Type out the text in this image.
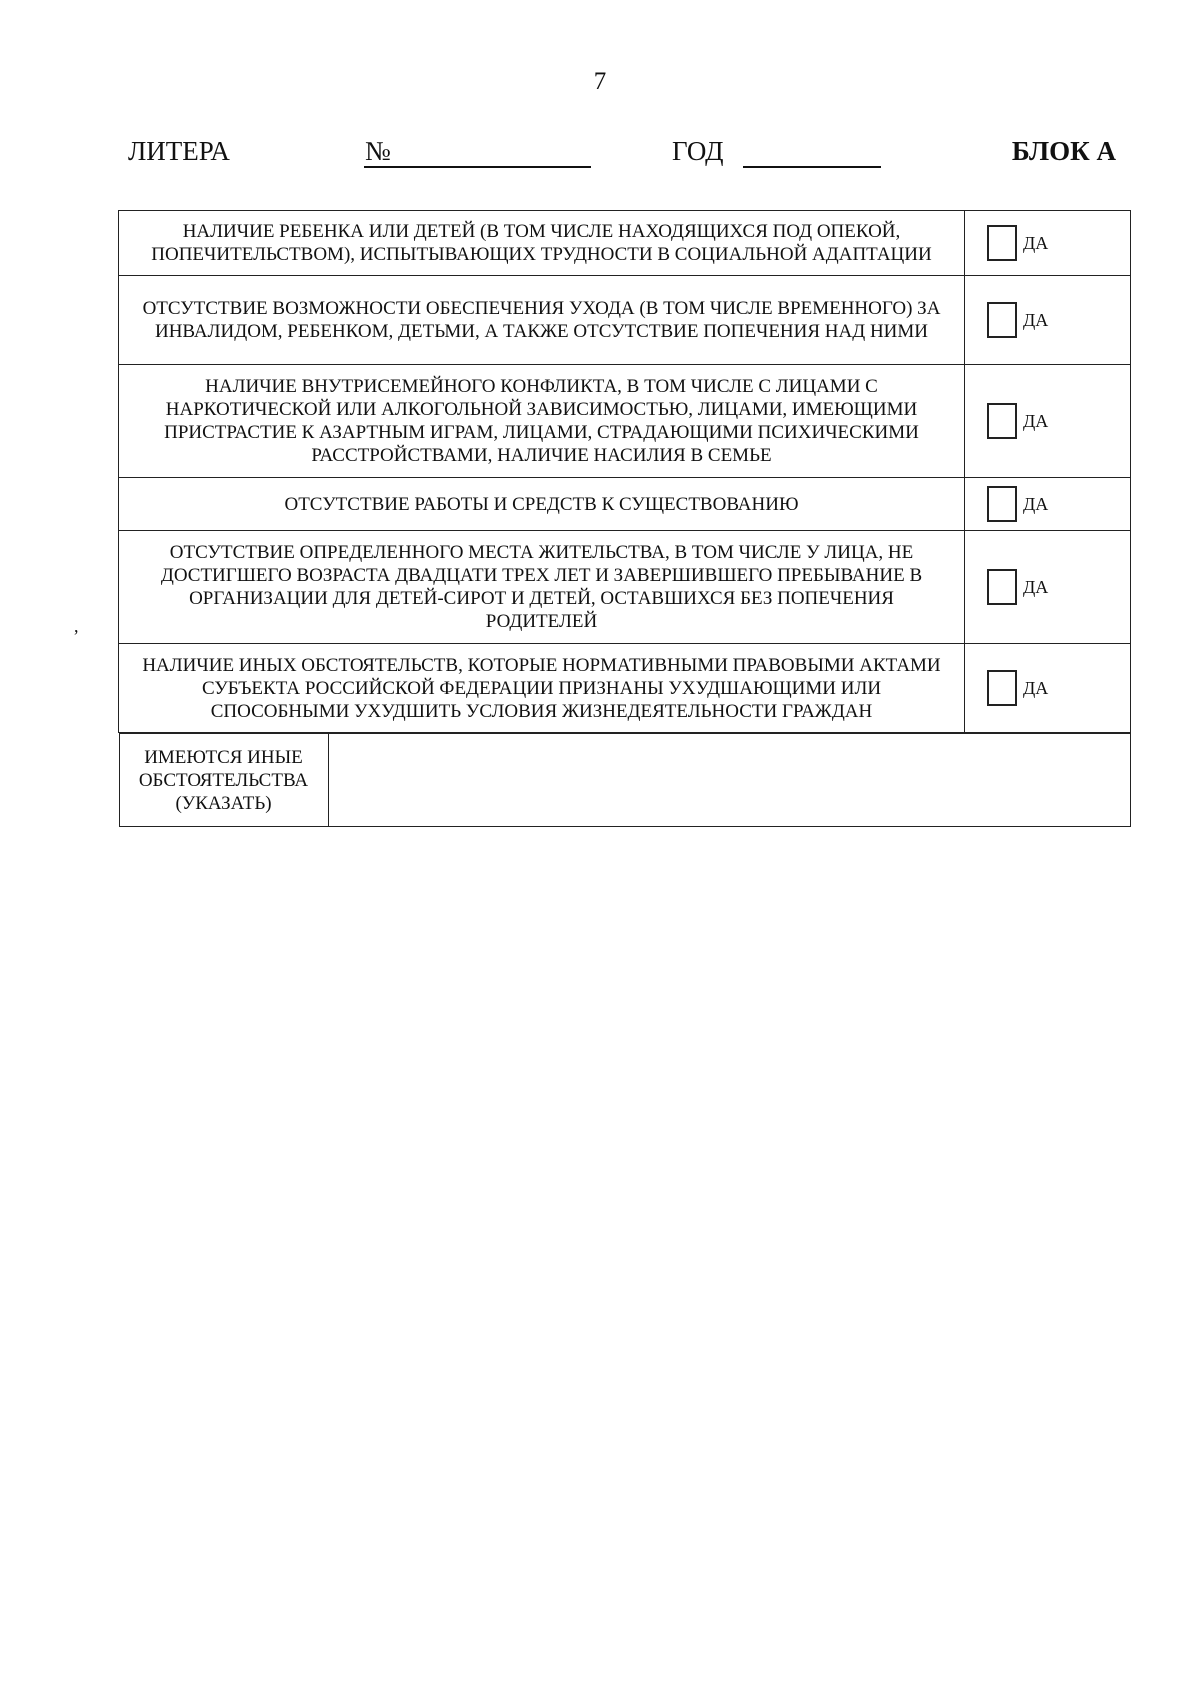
7
ЛИТЕРА	№	ГОД	БЛОК А
,
НАЛИЧИЕ РЕБЕНКА ИЛИ ДЕТЕЙ (В ТОМ ЧИСЛЕ НАХОДЯЩИХСЯ ПОД ОПЕКОЙ, ПОПЕЧИТЕЛЬСТВОМ), ИСПЫТЫВАЮЩИХ ТРУДНОСТИ В СОЦИАЛЬНОЙ АДАПТАЦИИ	ДА
ОТСУТСТВИЕ ВОЗМОЖНОСТИ ОБЕСПЕЧЕНИЯ УХОДА (В ТОМ ЧИСЛЕ ВРЕМЕННОГО) ЗА ИНВАЛИДОМ, РЕБЕНКОМ, ДЕТЬМИ, А ТАКЖЕ ОТСУТСТВИЕ ПОПЕЧЕНИЯ НАД НИМИ	ДА
НАЛИЧИЕ ВНУТРИСЕМЕЙНОГО КОНФЛИКТА, В ТОМ ЧИСЛЕ С ЛИЦАМИ С НАРКОТИЧЕСКОЙ ИЛИ АЛКОГОЛЬНОЙ ЗАВИСИМОСТЬЮ, ЛИЦАМИ, ИМЕЮЩИМИ ПРИСТРАСТИЕ К АЗАРТНЫМ ИГРАМ, ЛИЦАМИ, СТРАДАЮЩИМИ ПСИХИЧЕСКИМИ РАССТРОЙСТВАМИ, НАЛИЧИЕ НАСИЛИЯ В СЕМЬЕ	ДА
ОТСУТСТВИЕ РАБОТЫ И СРЕДСТВ К СУЩЕСТВОВАНИЮ	ДА
ОТСУТСТВИЕ ОПРЕДЕЛЕННОГО МЕСТА ЖИТЕЛЬСТВА, В ТОМ ЧИСЛЕ У ЛИЦА, НЕ ДОСТИГШЕГО ВОЗРАСТА ДВАДЦАТИ ТРЕХ ЛЕТ И ЗАВЕРШИВШЕГО ПРЕБЫВАНИЕ В ОРГАНИЗАЦИИ ДЛЯ ДЕТЕЙ-СИРОТ И ДЕТЕЙ, ОСТАВШИХСЯ БЕЗ ПОПЕЧЕНИЯ РОДИТЕЛЕЙ	ДА
НАЛИЧИЕ ИНЫХ ОБСТОЯТЕЛЬСТВ, КОТОРЫЕ НОРМАТИВНЫМИ ПРАВОВЫМИ АКТАМИ СУБЪЕКТА РОССИЙСКОЙ ФЕДЕРАЦИИ ПРИЗНАНЫ УХУДШАЮЩИМИ ИЛИ СПОСОБНЫМИ УХУДШИТЬ УСЛОВИЯ ЖИЗНЕДЕЯТЕЛЬНОСТИ ГРАЖДАН	ДА

ИМЕЮТСЯ ИНЫЕ ОБСТОЯТЕЛЬСТВА (УКАЗАТЬ)	
